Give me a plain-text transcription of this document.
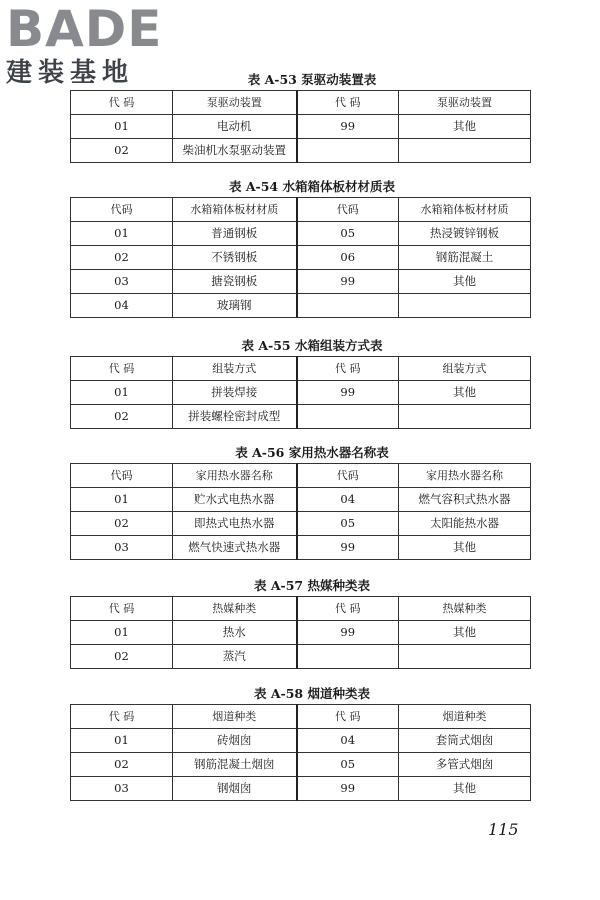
BADE
建装基地	表 A-53 泵驱动装置表
代 码	泵驱动装置	代 码	泵驱动装置
01	电动机	99	其他
02	柴油机水泵驱动装置		
表 A-54 水箱箱体板材材质表
代码	水箱箱体板材材质	代码	水箱箱体板材材质
01	普通钢板	05	热浸镀锌钢板
02	不锈钢板	06	钢筋混凝土
03	搪瓷钢板	99	其他
04	玻璃钢		
表 A-55 水箱组装方式表
代 码	组装方式	代 码	组装方式
01	拼装焊接	99	其他
02	拼装螺栓密封成型		
表 A-56 家用热水器名称表
代码	家用热水器名称	代码	家用热水器名称
01	贮水式电热水器	04	燃气容积式热水器
02	即热式电热水器	05	太阳能热水器
03	燃气快速式热水器	99	其他
表 A-57 热媒种类表
代 码	热媒种类	代 码	热媒种类
01	热水	99	其他
02	蒸汽		
表 A-58 烟道种类表
代 码	烟道种类	代 码	烟道种类
01	砖烟囱	04	套筒式烟囱
02	钢筋混凝土烟囱	05	多管式烟囱
03	钢烟囱	99	其他
115
